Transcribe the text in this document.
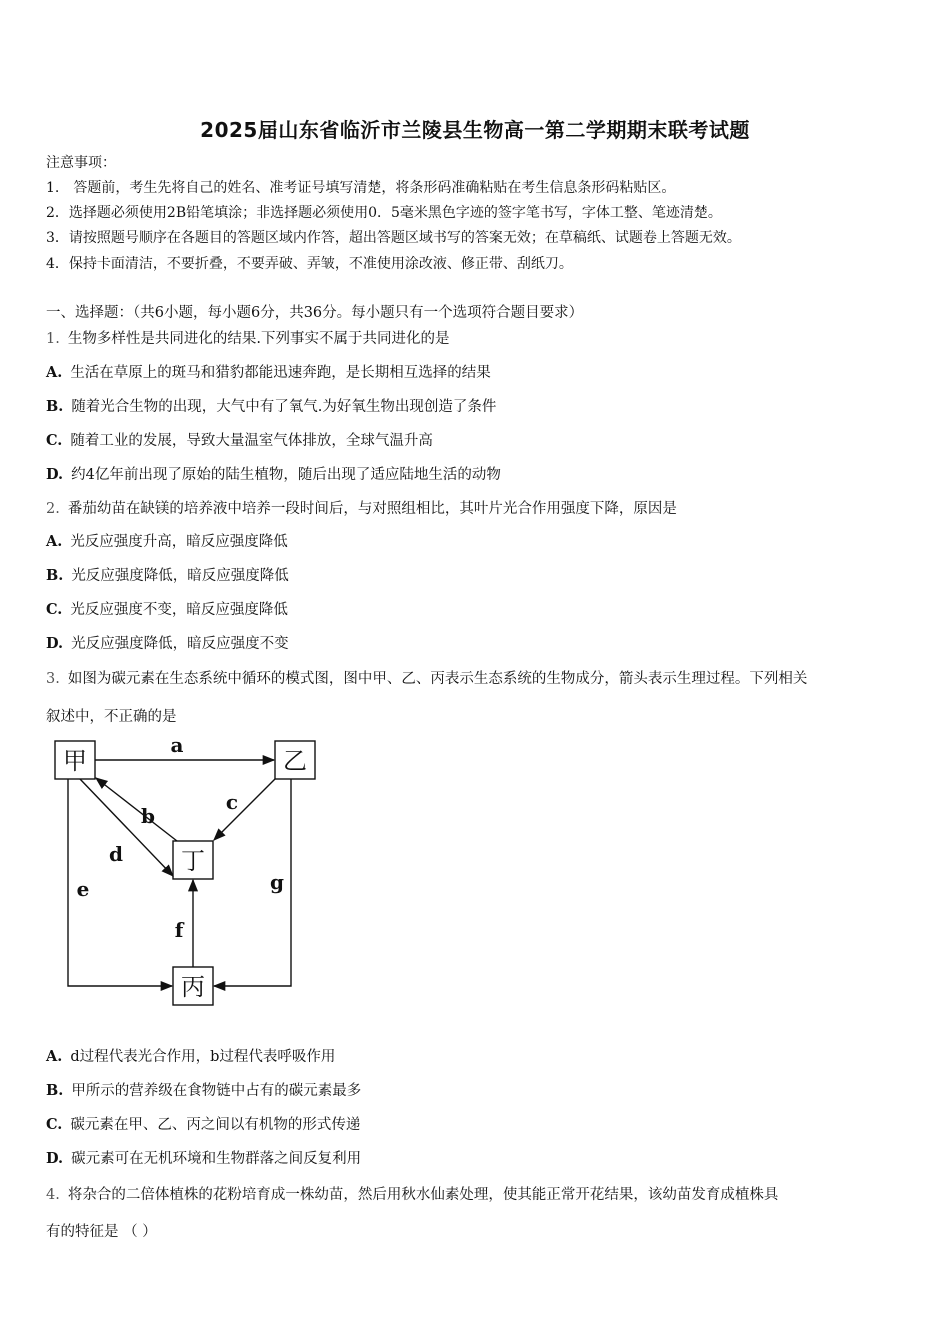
2025届山东省临沂市兰陵县生物高一第二学期期末联考试题
注意事项：
1.　答题前，考生先将自己的姓名、准考证号填写清楚，将条形码准确粘贴在考生信息条形码粘贴区。
2．选择题必须使用2B铅笔填涂；非选择题必须使用0．5毫米黑色字迹的签字笔书写，字体工整、笔迹清楚。
3．请按照题号顺序在各题目的答题区域内作答，超出答题区域书写的答案无效；在草稿纸、试题卷上答题无效。
4．保持卡面清洁，不要折叠，不要弄破、弄皱，不准使用涂改液、修正带、刮纸刀。
一、选择题：（共6小题，每小题6分，共36分。每小题只有一个选项符合题目要求）
1. 生物多样性是共同进化的结果.下列事实不属于共同进化的是
A. 生活在草原上的斑马和猎豹都能迅速奔跑，是长期相互选择的结果
B. 随着光合生物的出现，大气中有了氧气.为好氧生物出现创造了条件
C. 随着工业的发展，导致大量温室气体排放，全球气温升高
D. 约4亿年前出现了原始的陆生植物，随后出现了适应陆地生活的动物
2. 番茄幼苗在缺镁的培养液中培养一段时间后，与对照组相比，其叶片光合作用强度下降，原因是
A. 光反应强度升高，暗反应强度降低
B. 光反应强度降低，暗反应强度降低
C. 光反应强度不变，暗反应强度降低
D. 光反应强度降低，暗反应强度不变
3. 如图为碳元素在生态系统中循环的模式图，图中甲、乙、丙表示生态系统的生物成分，箭头表示生理过程。下列相关
叙述中，不正确的是
甲	乙
丁
丙
a
b
c
d
e
f
g
A. d过程代表光合作用，b过程代表呼吸作用
B. 甲所示的营养级在食物链中占有的碳元素最多
C. 碳元素在甲、乙、丙之间以有机物的形式传递
D. 碳元素可在无机环境和生物群落之间反复利用
4. 将杂合的二倍体植株的花粉培育成一株幼苗，然后用秋水仙素处理，使其能正常开花结果，该幼苗发育成植株具
有的特征是 （ ）
